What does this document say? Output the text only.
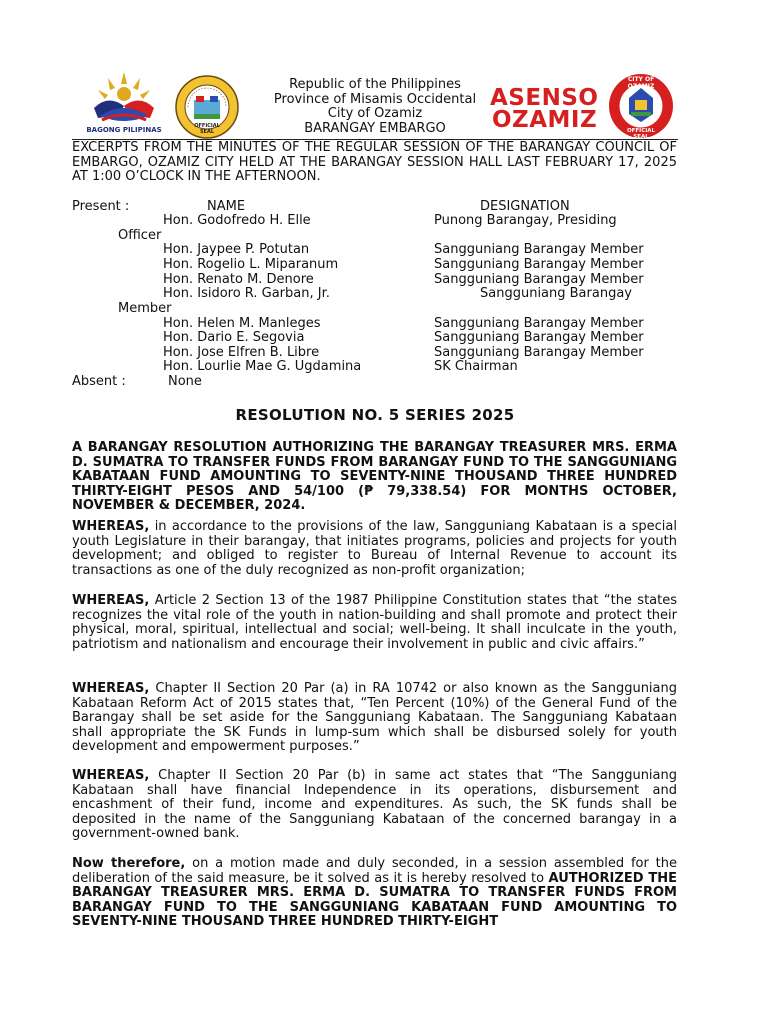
BAGONG PILIPINAS	OFFICIAL SEAL
Republic of the Philippines
Province of Misamis Occidental
City of Ozamiz
BARANGAY EMBARGO
ASENSO
OZAMIZ
CITY OF OZAMIZ
OFFICIAL SEAL
EXCERPTS FROM THE MINUTES OF THE REGULAR SESSION OF THE BARANGAY COUNCIL OF EMBARGO, OZAMIZ CITY HELD AT THE BARANGAY SESSION HALL LAST FEBRUARY 17, 2025 AT 1:00 O’CLOCK IN THE AFTERNOON.
Present :	NAME	DESIGNATION
Hon. Godofredo H. Elle	Punong Barangay, Presiding
Officer
Hon. Jaypee P. Potutan	Sangguniang Barangay Member
Hon. Rogelio L. Miparanum	Sangguniang Barangay Member
Hon. Renato M. Denore	Sangguniang Barangay Member
Hon. Isidoro R. Garban, Jr.	Sangguniang Barangay
Member
Hon. Helen M. Manleges	Sangguniang Barangay Member
Hon. Dario E. Segovia	Sangguniang Barangay Member
Hon. Jose Elfren B. Libre	Sangguniang Barangay Member
Hon. Lourlie Mae G. Ugdamina	SK Chairman
Absent :	None
RESOLUTION NO. 5 SERIES 2025
A BARANGAY RESOLUTION AUTHORIZING THE BARANGAY TREASURER MRS. ERMA D. SUMATRA TO TRANSFER FUNDS FROM BARANGAY FUND TO THE SANGGUNIANG KABATAAN FUND AMOUNTING TO SEVENTY-NINE THOUSAND THREE HUNDRED THIRTY-EIGHT PESOS AND 54/100 (₱ 79,338.54) FOR MONTHS OCTOBER, NOVEMBER & DECEMBER, 2024.
WHEREAS, in accordance to the provisions of the law, Sangguniang Kabataan is a special youth Legislature in their barangay, that initiates programs, policies and projects for youth development; and obliged to register to Bureau of Internal Revenue to account its transactions as one of the duly recognized as non-profit organization;
WHEREAS, Article 2 Section 13 of the 1987 Philippine Constitution states that “the states recognizes the vital role of the youth in nation-building and shall promote and protect their physical, moral, spiritual, intellectual and social; well-being. It shall inculcate in the youth, patriotism and nationalism and encourage their involvement in public and civic affairs.”
WHEREAS, Chapter II Section 20 Par (a) in RA 10742 or also known as the Sangguniang Kabataan Reform Act of 2015 states that, “Ten Percent (10%) of the General Fund of the Barangay shall be set aside for the Sangguniang Kabataan. The Sangguniang Kabataan shall appropriate the SK Funds in lump-sum which shall be disbursed solely for youth development and empowerment purposes.”
WHEREAS, Chapter II Section 20 Par (b) in same act states that “The Sangguniang Kabataan shall have financial Independence in its operations, disbursement and encashment of their fund, income and expenditures. As such, the SK funds shall be deposited in the name of the Sangguniang Kabataan of the concerned barangay in a government-owned bank.
Now therefore, on a motion made and duly seconded, in a session assembled for the deliberation of the said measure, be it solved as it is hereby resolved to AUTHORIZED THE BARANGAY TREASURER MRS. ERMA D. SUMATRA TO TRANSFER FUNDS FROM BARANGAY FUND TO THE SANGGUNIANG KABATAAN FUND AMOUNTING TO SEVENTY-NINE THOUSAND THREE HUNDRED THIRTY-EIGHT
